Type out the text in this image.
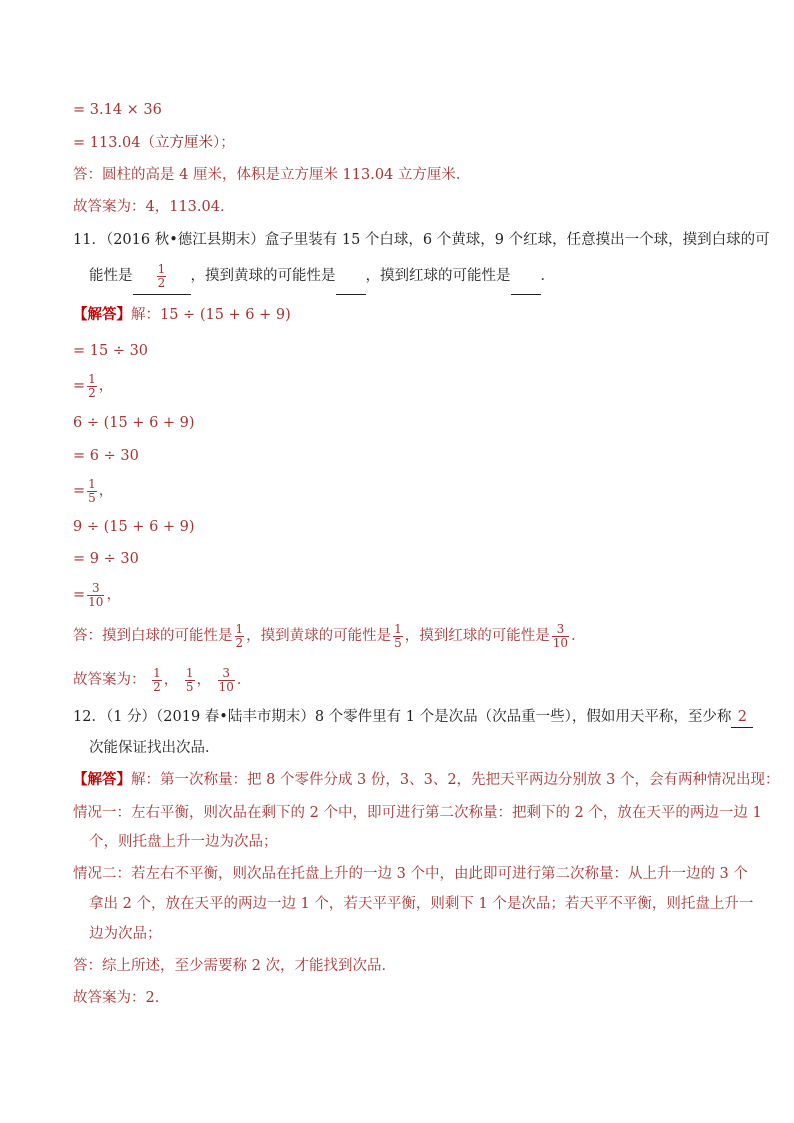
= 3.14 × 36
= 113.04（立方厘米）；
答：圆柱的高是 4 厘米，体积是立方厘米 113.04 立方厘米．
故答案为：4，113.04．
11．（2016 秋•德江县期末）盒子里装有 15 个白球，6 个黄球，9 个红球，任意摸出一个球，摸到白球的可
能性是 $\frac{1}{2}$ ，摸到黄球的可能性是 ，摸到红球的可能性是 ．
【解答】解：15 ÷ (15 + 6 + 9)
= 15 ÷ 30
= $\frac{1}{2}$ ，
6 ÷ (15 + 6 + 9)
= 6 ÷ 30
= $\frac{1}{5}$ ，
9 ÷ (15 + 6 + 9)
= 9 ÷ 30
= $\frac{3}{10}$ ，
答：摸到白球的可能性是 $\frac{1}{2}$ ，摸到黄球的可能性是 $\frac{1}{5}$ ，摸到红球的可能性是 $\frac{3}{10}$ ．
故答案为： $\frac{1}{2}$ ， $\frac{1}{5}$ ， $\frac{3}{10}$ ．
12．（1 分）（2019 春•陆丰市期末）8 个零件里有 1 个是次品（次品重一些），假如用天平称，至少称 2
次能保证找出次品．
【解答】解：第一次称量：把 8 个零件分成 3 份，3、3、2，先把天平两边分别放 3 个，会有两种情况出现：
情况一：左右平衡，则次品在剩下的 2 个中，即可进行第二次称量：把剩下的 2 个，放在天平的两边一边 1
个，则托盘上升一边为次品；
情况二：若左右不平衡，则次品在托盘上升的一边 3 个中，由此即可进行第二次称量：从上升一边的 3 个
拿出 2 个，放在天平的两边一边 1 个，若天平平衡，则剩下 1 个是次品；若天平不平衡，则托盘上升一
边为次品；
答：综上所述，至少需要称 2 次，才能找到次品．
故答案为：2．
